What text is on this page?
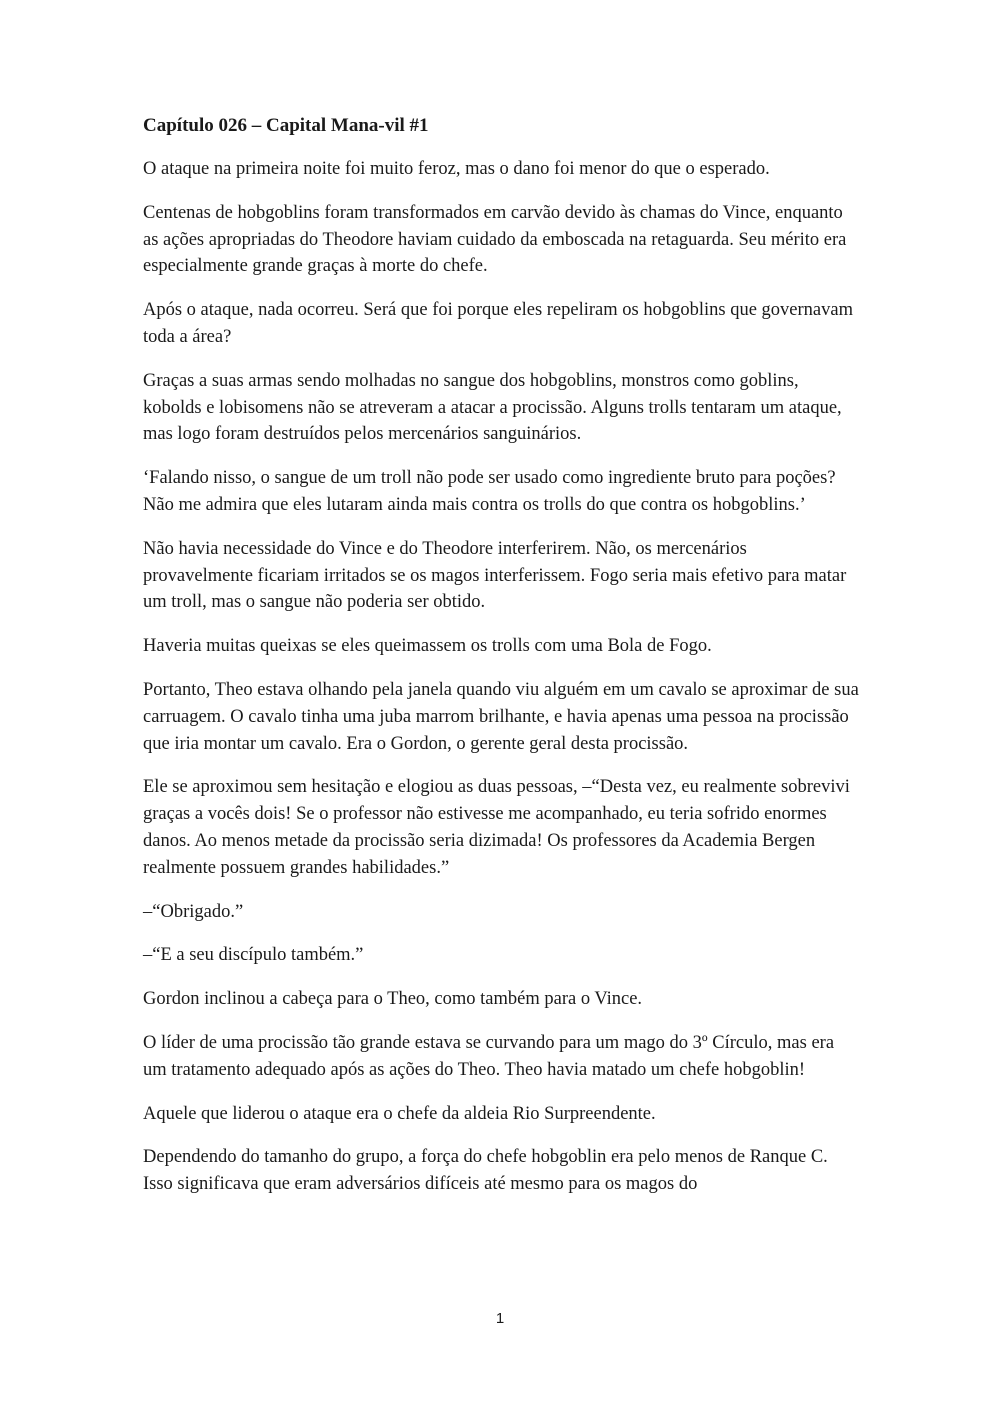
Capítulo 026 – Capital Mana-vil #1

O ataque na primeira noite foi muito feroz, mas o dano foi menor do que o esperado.

Centenas de hobgoblins foram transformados em carvão devido às chamas do Vince, enquanto as ações apropriadas do Theodore haviam cuidado da emboscada na retaguarda. Seu mérito era especialmente grande graças à morte do chefe.

Após o ataque, nada ocorreu. Será que foi porque eles repeliram os hobgoblins que governavam toda a área?

Graças a suas armas sendo molhadas no sangue dos hobgoblins, monstros como goblins, kobolds e lobisomens não se atreveram a atacar a procissão. Alguns trolls tentaram um ataque, mas logo foram destruídos pelos mercenários sanguinários.

‘Falando nisso, o sangue de um troll não pode ser usado como ingrediente bruto para poções? Não me admira que eles lutaram ainda mais contra os trolls do que contra os hobgoblins.’

Não havia necessidade do Vince e do Theodore interferirem. Não, os mercenários provavelmente ficariam irritados se os magos interferissem. Fogo seria mais efetivo para matar um troll, mas o sangue não poderia ser obtido.

Haveria muitas queixas se eles queimassem os trolls com uma Bola de Fogo.

Portanto, Theo estava olhando pela janela quando viu alguém em um cavalo se aproximar de sua carruagem. O cavalo tinha uma juba marrom brilhante, e havia apenas uma pessoa na procissão que iria montar um cavalo. Era o Gordon, o gerente geral desta procissão.

Ele se aproximou sem hesitação e elogiou as duas pessoas, –“Desta vez, eu realmente sobrevivi graças a vocês dois! Se o professor não estivesse me acompanhado, eu teria sofrido enormes danos. Ao menos metade da procissão seria dizimada! Os professores da Academia Bergen realmente possuem grandes habilidades.”

–“Obrigado.”

–“E a seu discípulo também.”

Gordon inclinou a cabeça para o Theo, como também para o Vince.

O líder de uma procissão tão grande estava se curvando para um mago do 3º Círculo, mas era um tratamento adequado após as ações do Theo. Theo havia matado um chefe hobgoblin!

Aquele que liderou o ataque era o chefe da aldeia Rio Surpreendente.

Dependendo do tamanho do grupo, a força do chefe hobgoblin era pelo menos de Ranque C. Isso significava que eram adversários difíceis até mesmo para os magos do

1
